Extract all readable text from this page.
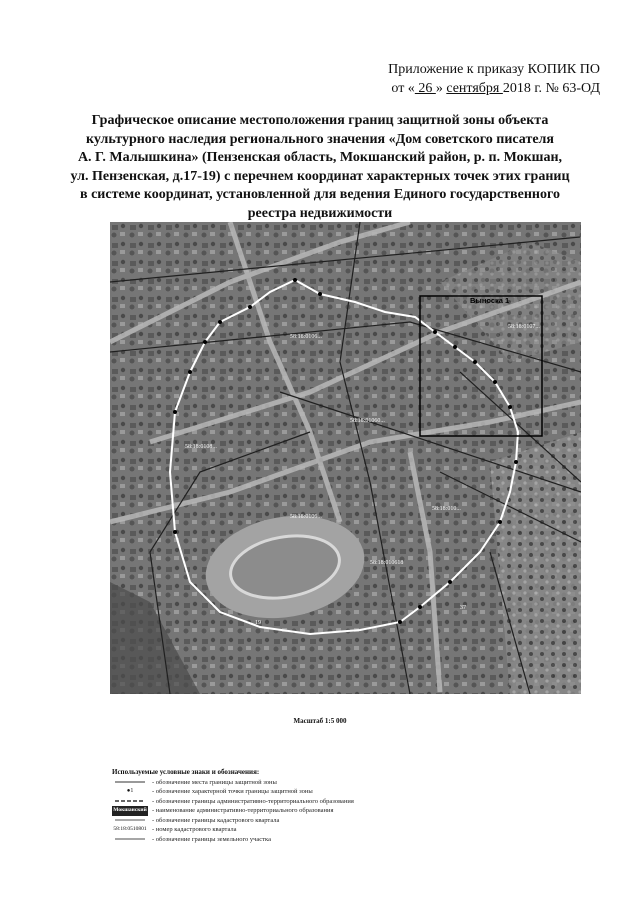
Приложение к приказу КОПИК ПО
от « 26 » сентября 2018 г. № 63-ОД
Графическое описание местоположения границ защитной зоны объекта
культурного наследия регионального значения «Дом советского писателя
А. Г. Малышкина» (Пензенская область, Мокшанский район, р. п. Мокшан,
ул. Пензенская, д.17-19) с перечнем координат характерных точек этих границ
в системе координат, установленной для ведения Единого государственного
реестра недвижимости
Выноска 1
58:18:0106...
58:18:0108...
58:18:01060...
58:18:0106...
58:18:010...
58:18:010618
58:18:0107...
19
37
Масштаб 1:5 000
Используемые условные знаки и обозначения:
- обозначение места границы защитной зоны
●1	- обозначение характерной точки границы защитной зоны
- обозначение границы административно-территориального образования
Мокшанский - наименование административно-территориального образования
- обозначение границы кадастрового квартала
58:18:0510801 - номер кадастрового квартала
- обозначение границы земельного участка
